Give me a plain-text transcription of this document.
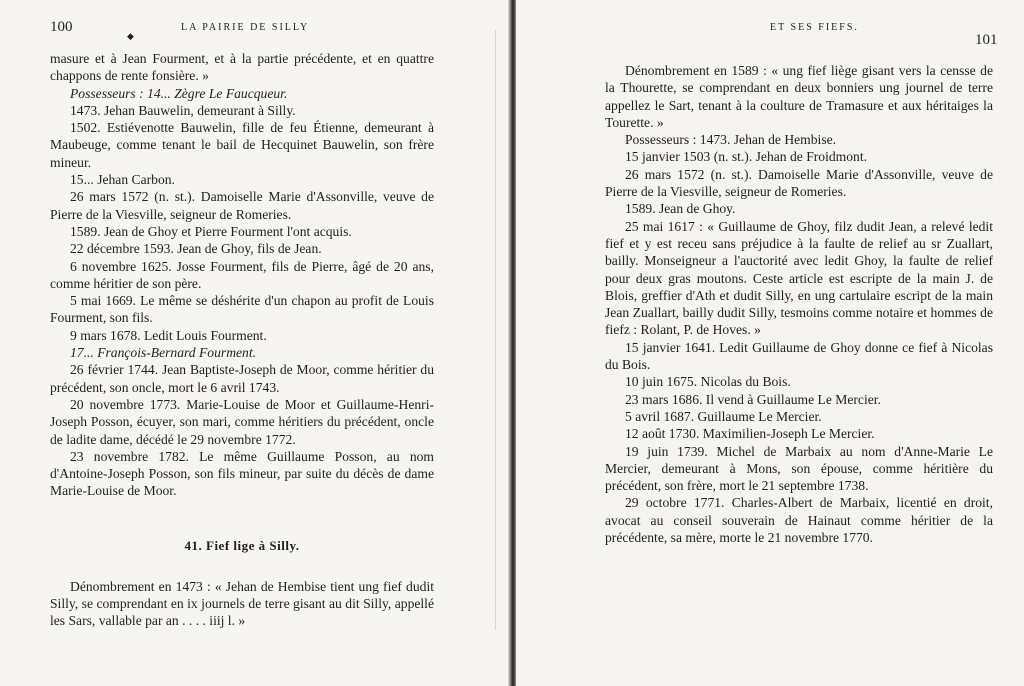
100	LA PAIRIE DE SILLY
◆

masure et à Jean Fourment, et à la partie précédente, et en quattre chappons de rente fonsière. »

Possesseurs : 14... Zègre Le Faucqueur.

1473. Jehan Bauwelin, demeurant à Silly.

1502. Estiévenotte Bauwelin, fille de feu Étienne, demeurant à Maubeuge, comme tenant le bail de Hecquinet Bauwelin, son frère mineur.

15... Jehan Carbon.

26 mars 1572 (n. st.). Damoiselle Marie d'Assonville, veuve de Pierre de la Viesville, seigneur de Romeries.

1589. Jean de Ghoy et Pierre Fourment l'ont acquis.

22 décembre 1593. Jean de Ghoy, fils de Jean.

6 novembre 1625. Josse Fourment, fils de Pierre, âgé de 20 ans, comme héritier de son père.

5 mai 1669. Le même se déshérite d'un chapon au profit de Louis Fourment, son fils.

9 mars 1678. Ledit Louis Fourment.

17... François-Bernard Fourment.

26 février 1744. Jean Baptiste-Joseph de Moor, comme héritier du précédent, son oncle, mort le 6 avril 1743.

20 novembre 1773. Marie-Louise de Moor et Guillaume-Henri-Joseph Posson, écuyer, son mari, comme héritiers du précédent, oncle de ladite dame, décédé le 29 novembre 1772.

23 novembre 1782. Le même Guillaume Posson, au nom d'Antoine-Joseph Posson, son fils mineur, par suite du décès de dame Marie-Louise de Moor.

41. Fief lige à Silly.

Dénombrement en 1473 : « Jehan de Hembise tient ung fief dudit Silly, se comprendant en ix journels de terre gisant au dit Silly, appellé les Sars, vallable par an . . . . iiij l. »

ET SES FIEFS.
101

Dénombrement en 1589 : « ung fief liège gisant vers la censse de la Thourette, se comprendant en deux bonniers ung journel de terre appellez le Sart, tenant à la coulture de Tramasure et aux héritaiges la Tourette. »

Possesseurs : 1473. Jehan de Hembise.

15 janvier 1503 (n. st.). Jehan de Froidmont.

26 mars 1572 (n. st.). Damoiselle Marie d'Assonville, veuve de Pierre de la Viesville, seigneur de Romeries.

1589. Jean de Ghoy.

25 mai 1617 : « Guillaume de Ghoy, filz dudit Jean, a relevé ledit fief et y est receu sans préjudice à la faulte de relief au sr Zuallart, bailly. Monseigneur a l'auctorité avec ledit Ghoy, la faulte de relief pour deux gras moutons. Ceste article est escripte de la main J. de Blois, greffier d'Ath et dudit Silly, en ung cartulaire escript de la main Jean Zuallart, bailly dudit Silly, tesmoins comme notaire et hommes de fiefz : Rolant, P. de Hoves. »

15 janvier 1641. Ledit Guillaume de Ghoy donne ce fief à Nicolas du Bois.

10 juin 1675. Nicolas du Bois.

23 mars 1686. Il vend à Guillaume Le Mercier.

5 avril 1687. Guillaume Le Mercier.

12 août 1730. Maximilien-Joseph Le Mercier.

19 juin 1739. Michel de Marbaix au nom d'Anne-Marie Le Mercier, demeurant à Mons, son épouse, comme héritière du précédent, son frère, mort le 21 septembre 1738.

29 octobre 1771. Charles-Albert de Marbaix, licentié en droit, avocat au conseil souverain de Hainaut comme héritier de la précédente, sa mère, morte le 21 novembre 1770.
